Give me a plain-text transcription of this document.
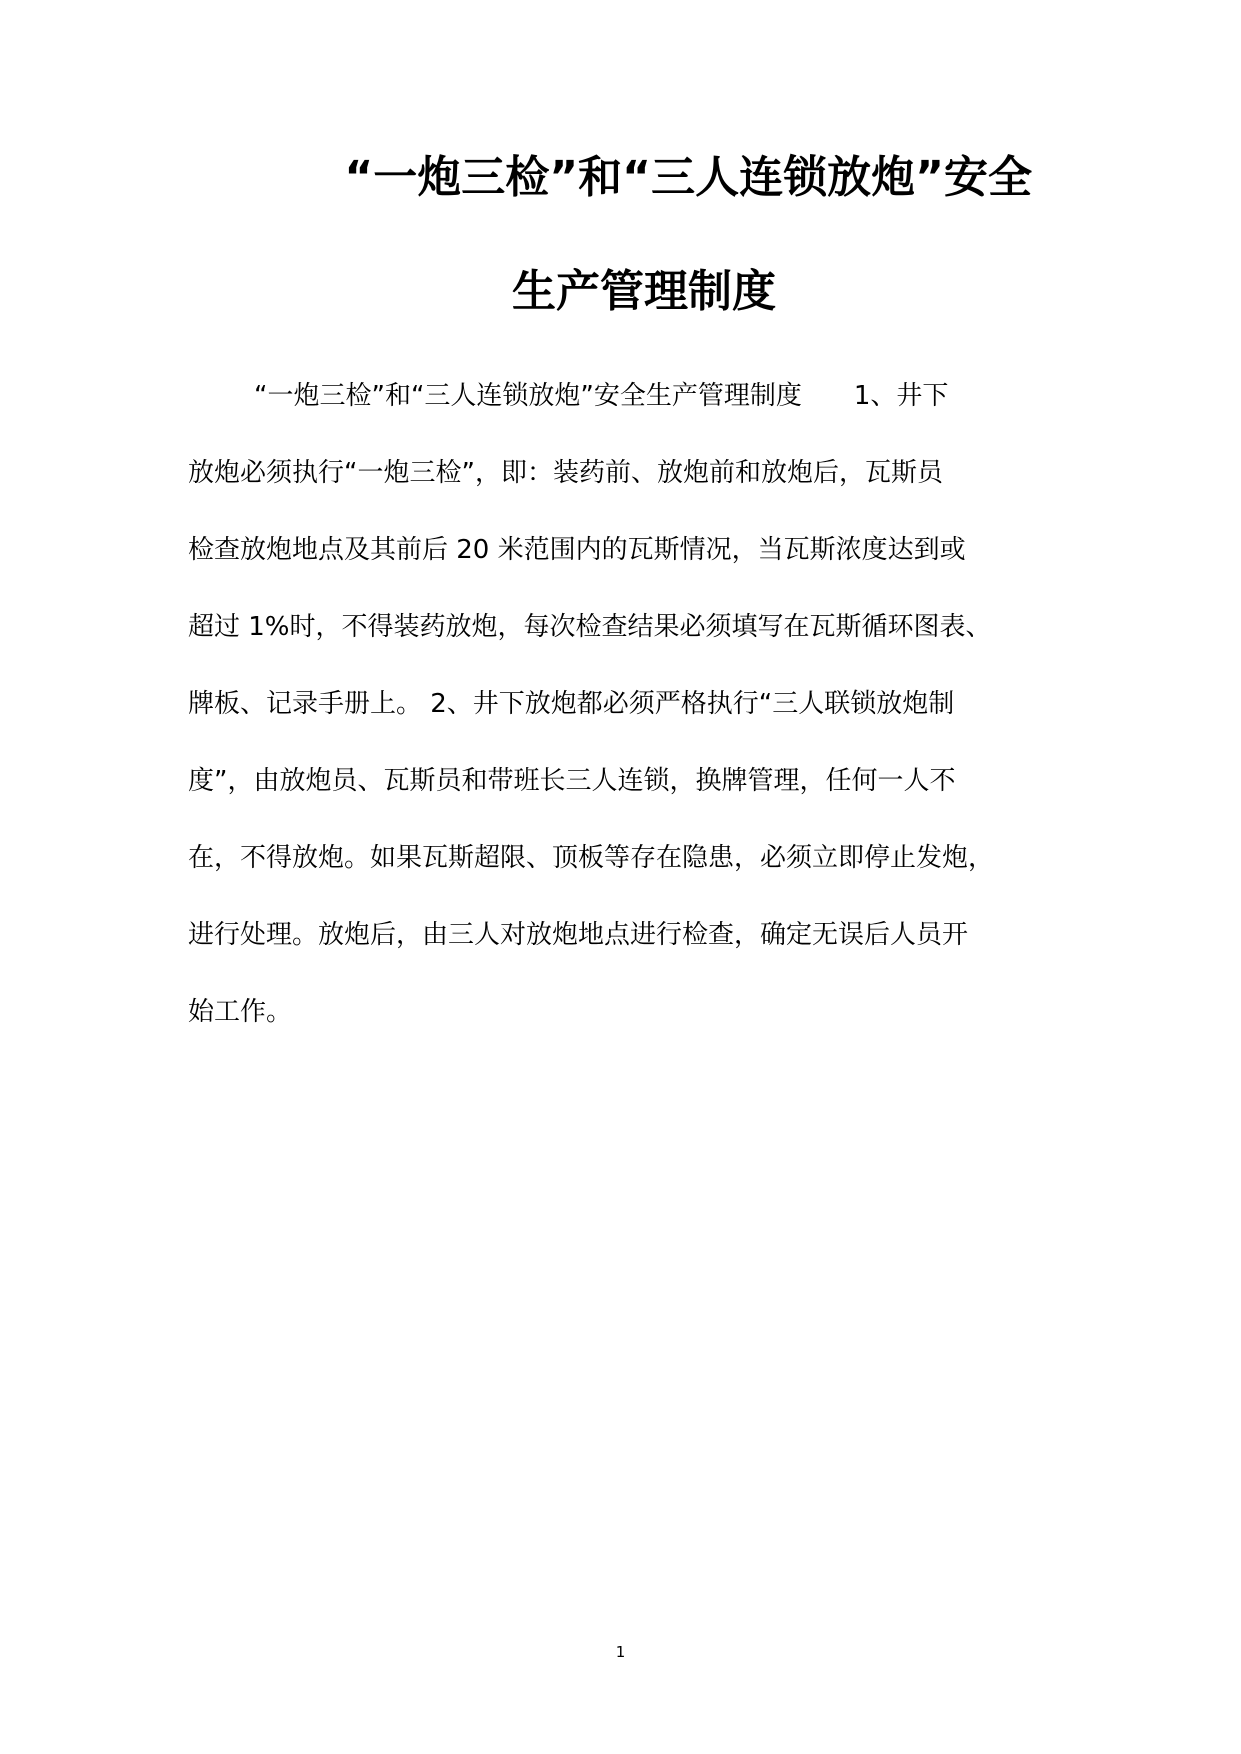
“一炮三检”和“三人连锁放炮”安全
生产管理制度
“一炮三检”和“三人连锁放炮”安全生产管理制度　　1、井下
放炮必须执行“一炮三检”，即：装药前、放炮前和放炮后，瓦斯员
检查放炮地点及其前后 20 米范围内的瓦斯情况，当瓦斯浓度达到或
超过 1%时，不得装药放炮，每次检查结果必须填写在瓦斯循环图表、
牌板、记录手册上。 2、井下放炮都必须严格执行“三人联锁放炮制
度”，由放炮员、瓦斯员和带班长三人连锁，换牌管理，任何一人不
在，不得放炮。如果瓦斯超限、顶板等存在隐患，必须立即停止发炮，
进行处理。放炮后，由三人对放炮地点进行检查，确定无误后人员开
始工作。
1
